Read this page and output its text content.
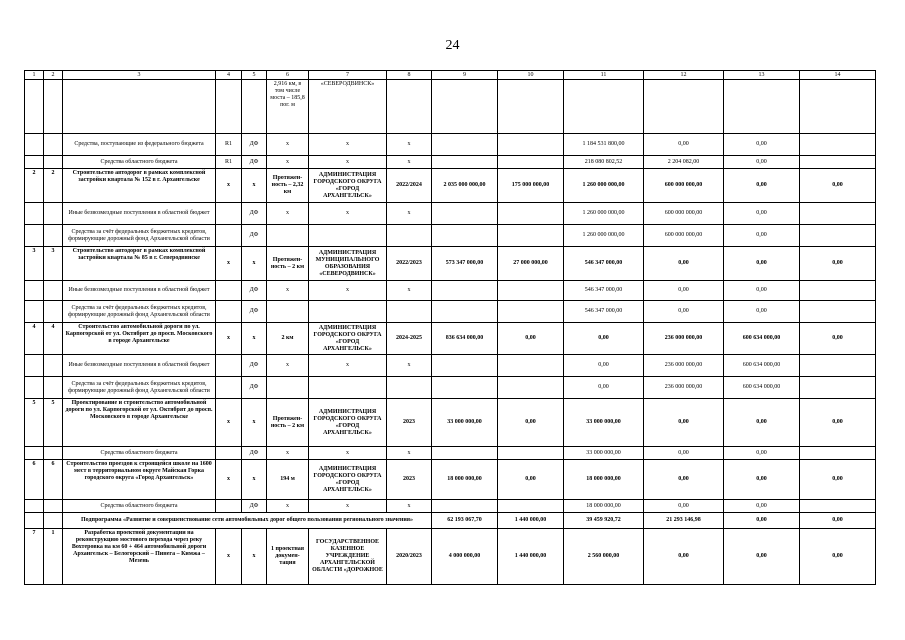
24
1	2	3	4	5	6	7	8	9	10	11	12	13	14
					2,916 км, в том числе моста – 185,8 пог. м	«СЕВЕРОДВИНСК»							
		Средства, поступающие из федерального бюджета	R1	ДФ	х	х	х			1 184 531 800,00	0,00	0,00	
		Средства областного бюджета	R1	ДФ	х	х	х			218 080 802,52	2 204 082,00	0,00	
2	2	Строительство автодорог в рамках комплексной застройки квартала № 152 в г. Архангельске	х	х	Протяжен-ность – 2,32 км	АДМИНИСТРАЦИЯ ГОРОДСКОГО ОКРУГА «ГОРОД АРХАНГЕЛЬСК»	2022/2024	2 035 000 000,00	175 000 000,00	1 260 000 000,00	600 000 000,00	0,00	0,00
		Иные безвозмездные поступления в областной бюджет		ДФ	х	х	х			1 260 000 000,00	600 000 000,00	0,00	
		Средства за счёт федеральных бюджетных кредитов, формирующие дорожный фонд Архангельской области		ДФ						1 260 000 000,00	600 000 000,00	0,00	
3	3	Строительство автодорог в рамках комплексной застройки квартала № 85 в г. Северодвинске	х	х	Протяжен-ность – 2 км	АДМИНИСТРАЦИЯ МУНИЦИПАЛЬНОГО ОБРАЗОВАНИЯ «СЕВЕРОДВИНСК»	2022/2023	573 347 000,00	27 000 000,00	546 347 000,00	0,00	0,00	0,00
		Иные безвозмездные поступления в областной бюджет		ДФ	х	х	х			546 347 000,00	0,00	0,00	
		Средства за счёт федеральных бюджетных кредитов, формирующие дорожный фонд Архангельской области		ДФ						546 347 000,00	0,00	0,00	
4	4	Строительство автомобильной дороги по ул. Карпогорской от ул. Октябрят до просп. Московского в городе Архангельске	х	х	2 км	АДМИНИСТРАЦИЯ ГОРОДСКОГО ОКРУГА «ГОРОД АРХАНГЕЛЬСК»	2024-2025	836 634 000,00	0,00	0,00	236 000 000,00	600 634 000,00	0,00
		Иные безвозмездные поступления в областной бюджет		ДФ	х	х	х			0,00	236 000 000,00	600 634 000,00	
		Средства за счёт федеральных бюджетных кредитов, формирующие дорожный фонд Архангельской области		ДФ						0,00	236 000 000,00	600 634 000,00	
5	5	Проектирование и строительство автомобильной дороги по ул. Карпогорской от ул. Октябрят до просп. Московского в городе Архангельске	х	х	Протяжен-ность – 2 км	АДМИНИСТРАЦИЯ ГОРОДСКОГО ОКРУГА «ГОРОД АРХАНГЕЛЬСК»	2023	33 000 000,00	0,00	33 000 000,00	0,00	0,00	0,00
		Средства областного бюджета		ДФ	х	х	х			33 000 000,00	0,00	0,00	
6	6	Строительство проездов к строящейся школе на 1600 мест в территориальном округе Майская Горка городского округа «Город Архангельск»	х	х	194 м	АДМИНИСТРАЦИЯ ГОРОДСКОГО ОКРУГА «ГОРОД АРХАНГЕЛЬСК»	2023	18 000 000,00	0,00	18 000 000,00	0,00	0,00	0,00
		Средства областного бюджета		ДФ	х	х	х			18 000 000,00	0,00	0,00	
		Подпрограмма «Развитие и совершенствование сети автомобильных дорог общего пользования регионального значения»						62 193 067,70	1 440 000,00	39 459 920,72	21 293 146,98	0,00	0,00
7	1	Разработка проектной документации на реконструкцию мостового перехода через реку Вохтеровка на км 60 + 464 автомобильной дороги Архангельск – Белогорский – Пинега – Кимжа – Мезень	х	х	1 проектная докумен-тация	ГОСУДАРСТВЕННОЕ КАЗЕННОЕ УЧРЕЖДЕНИЕ АРХАНГЕЛЬСКОЙ ОБЛАСТИ «ДОРОЖНОЕ	2020/2023	4 000 000,00	1 440 000,00	2 560 000,00	0,00	0,00	0,00
